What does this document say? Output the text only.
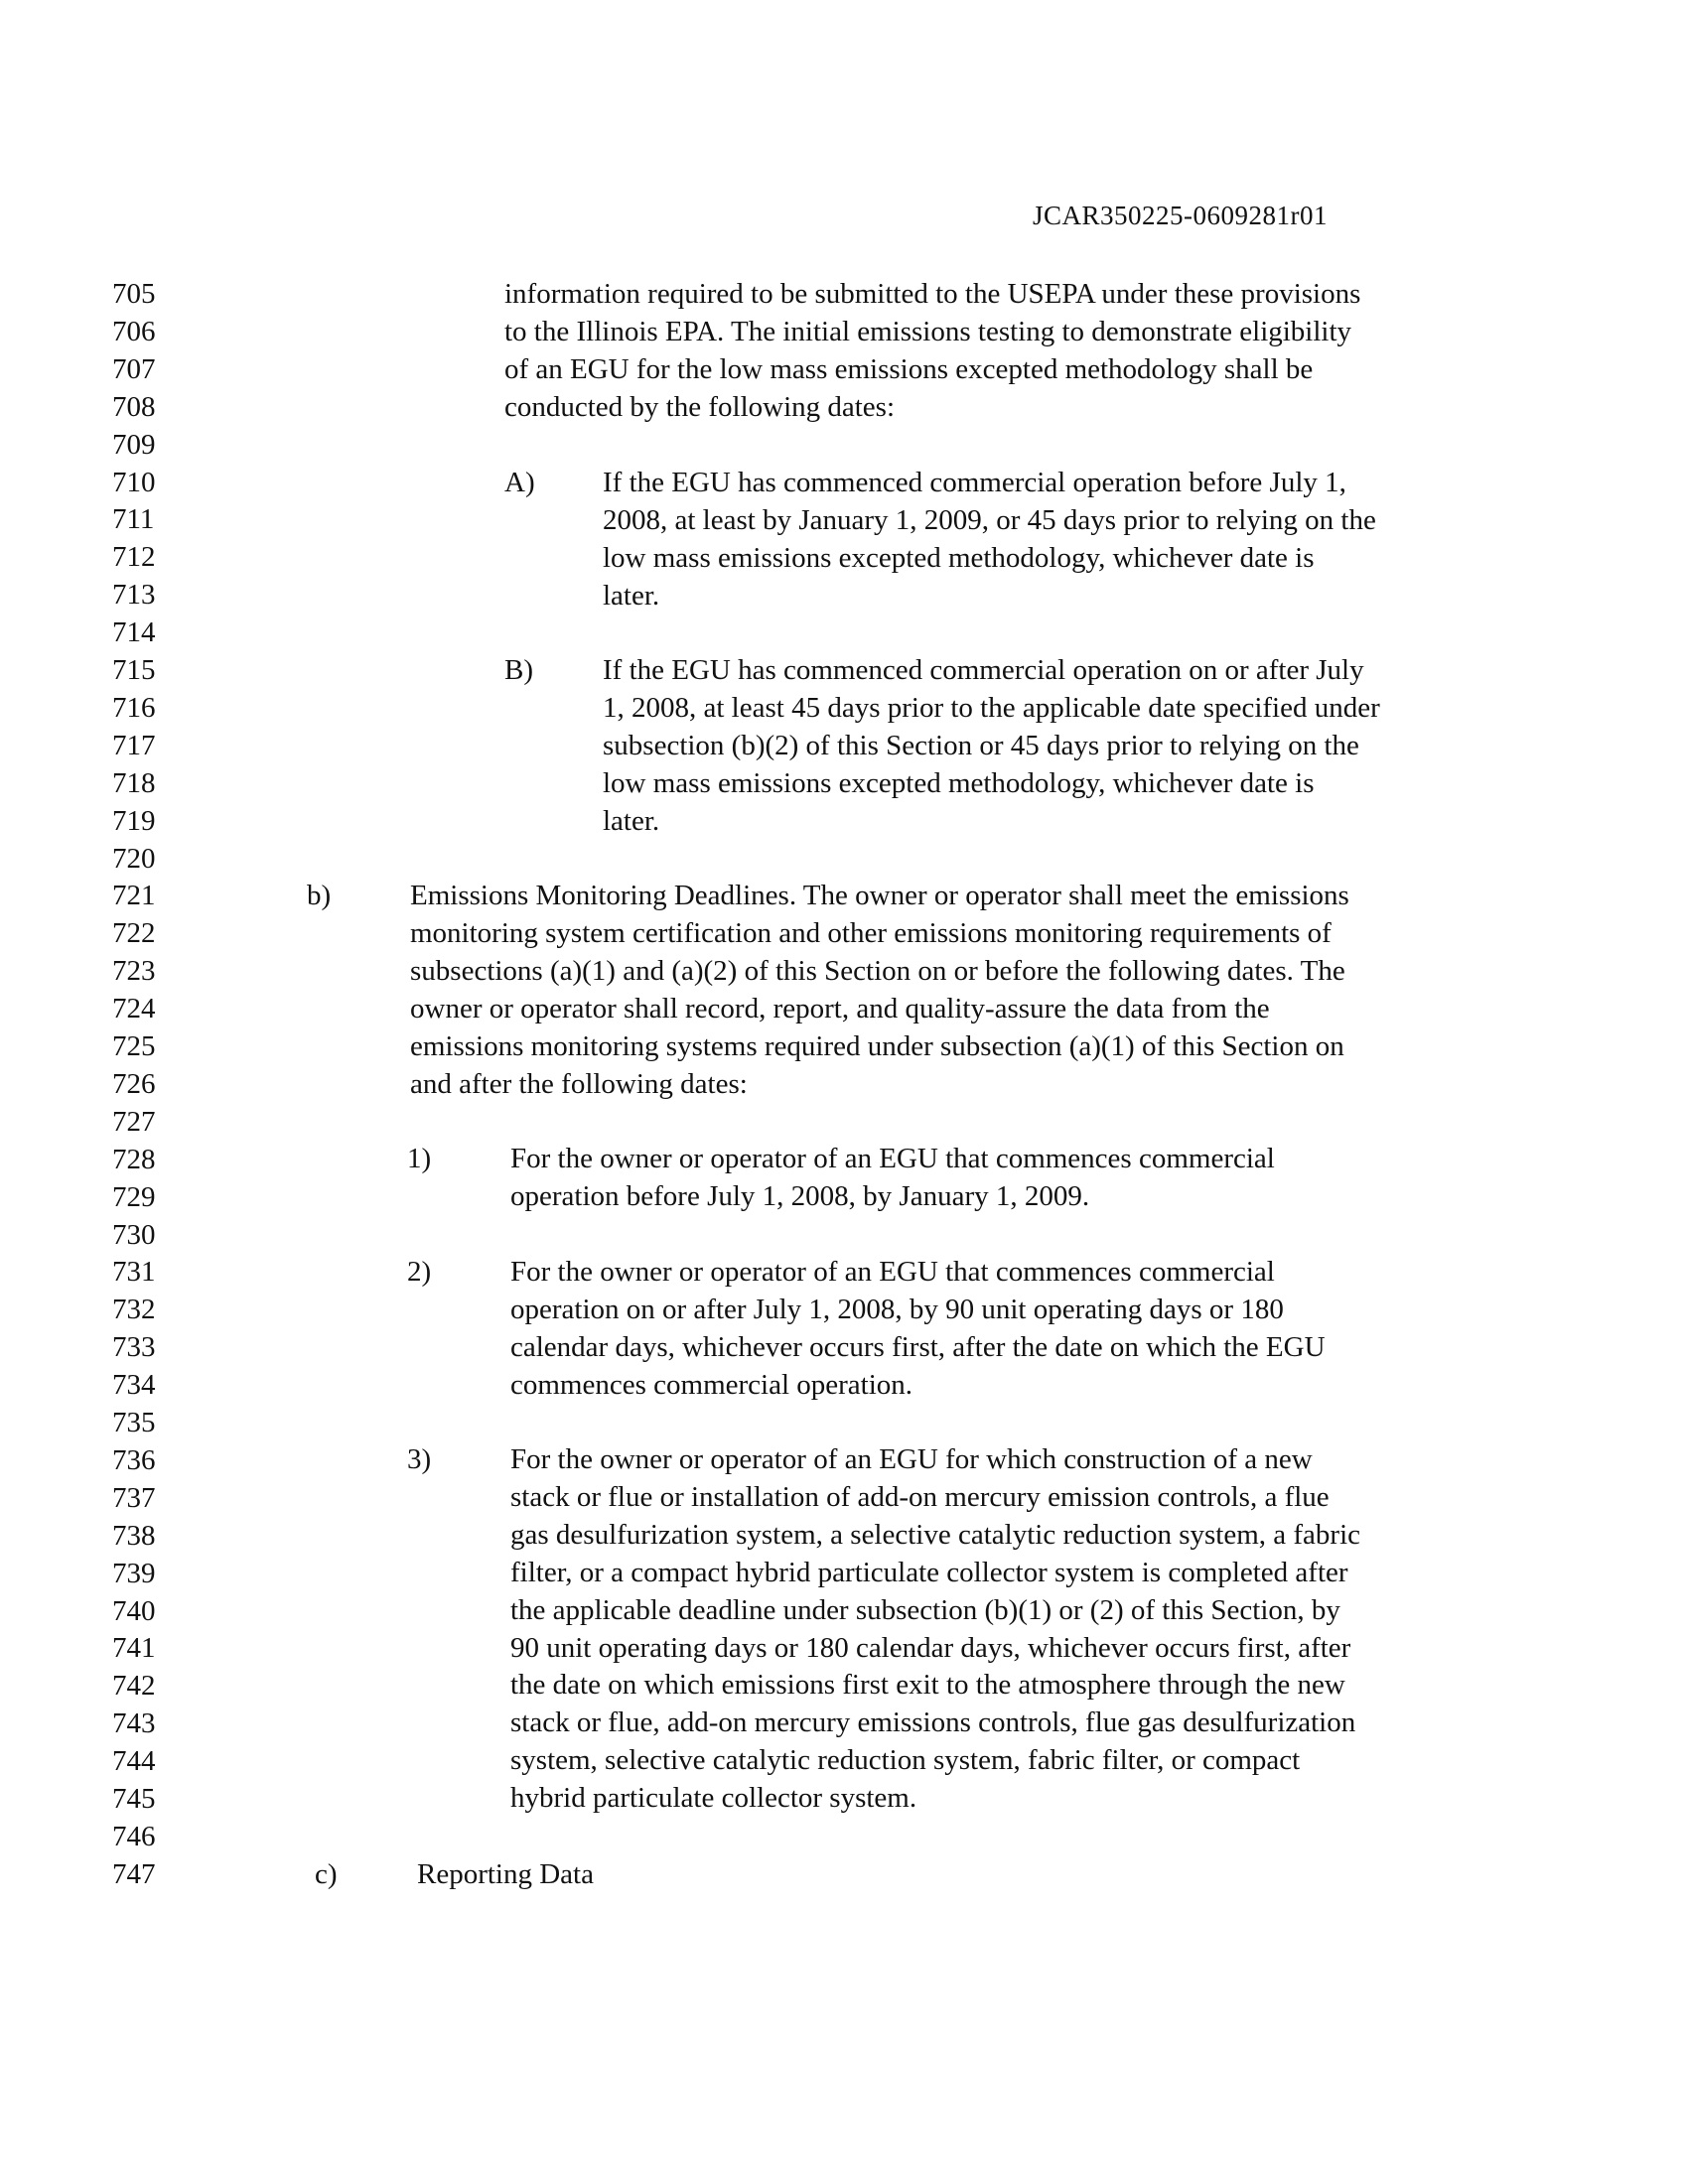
JCAR350225-0609281r01
705
706
707
708
709
710
711
712
713
714
715
716
717
718
719
720
721
722
723
724
725
726
727
728
729
730
731
732
733
734
735
736
737
738
739
740
741
742
743
744
745
746
747
A)
B)
b)
1)
2)
3)
c)
information required to be submitted to the USEPA under these provisions
to the Illinois EPA. The initial emissions testing to demonstrate eligibility
of an EGU for the low mass emissions excepted methodology shall be
conducted by the following dates:
If the EGU has commenced commercial operation before July 1,
2008, at least by January 1, 2009, or 45 days prior to relying on the
low mass emissions excepted methodology, whichever date is
later.
If the EGU has commenced commercial operation on or after July
1, 2008, at least 45 days prior to the applicable date specified under
subsection (b)(2) of this Section or 45 days prior to relying on the
low mass emissions excepted methodology, whichever date is
later.
Emissions Monitoring Deadlines. The owner or operator shall meet the emissions
monitoring system certification and other emissions monitoring requirements of
subsections (a)(1) and (a)(2) of this Section on or before the following dates. The
owner or operator shall record, report, and quality-assure the data from the
emissions monitoring systems required under subsection (a)(1) of this Section on
and after the following dates:
For the owner or operator of an EGU that commences commercial
operation before July 1, 2008, by January 1, 2009.
For the owner or operator of an EGU that commences commercial
operation on or after July 1, 2008, by 90 unit operating days or 180
calendar days, whichever occurs first, after the date on which the EGU
commences commercial operation.
For the owner or operator of an EGU for which construction of a new
stack or flue or installation of add-on mercury emission controls, a flue
gas desulfurization system, a selective catalytic reduction system, a fabric
filter, or a compact hybrid particulate collector system is completed after
the applicable deadline under subsection (b)(1) or (2) of this Section, by
90 unit operating days or 180 calendar days, whichever occurs first, after
the date on which emissions first exit to the atmosphere through the new
stack or flue, add-on mercury emissions controls, flue gas desulfurization
system, selective catalytic reduction system, fabric filter, or compact
hybrid particulate collector system.
Reporting Data
